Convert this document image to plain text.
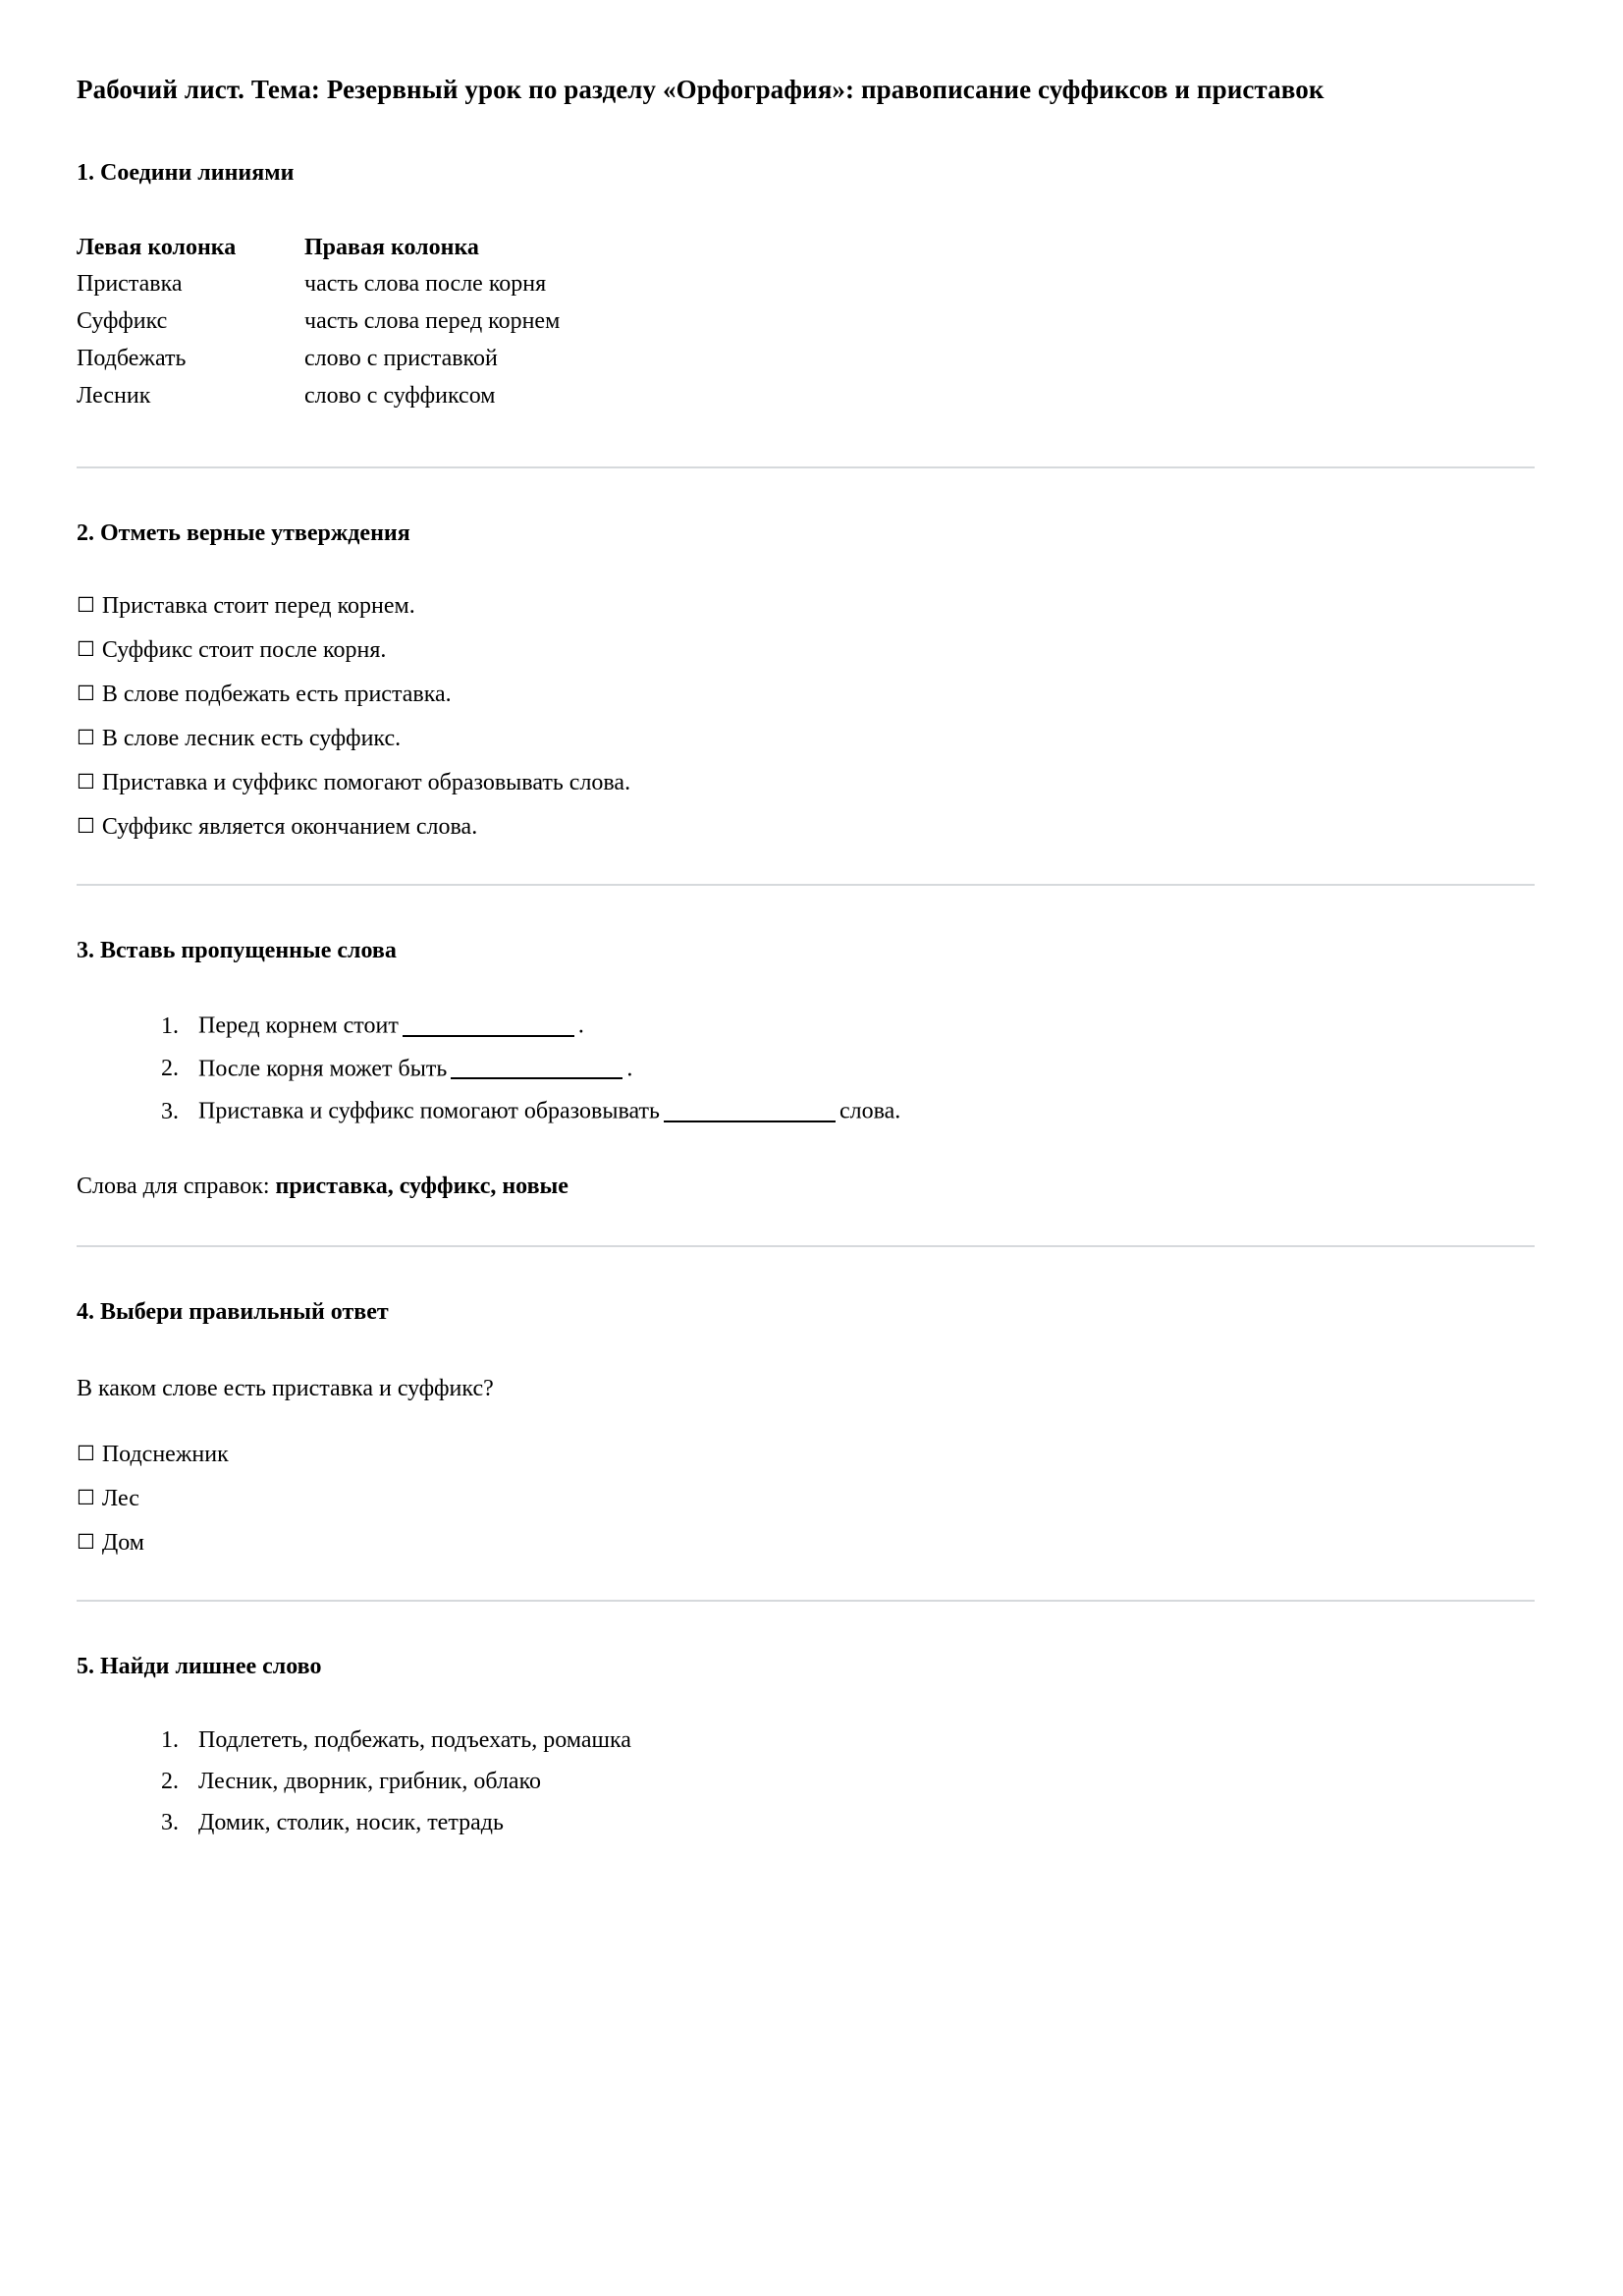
Рабочий лист. Тема: Резервный урок по разделу «Орфография»: правописание суффиксов и приставок
1. Соедини линиями
Левая колонка	Правая колонка
Приставка	часть слова после корня
Суффикс	часть слова перед корнем
Подбежать	слово с приставкой
Лесник	слово с суффиксом
2. Отметь верные утверждения
☐ Приставка стоит перед корнем.
☐ Суффикс стоит после корня.
☐ В слове подбежать есть приставка.
☐ В слове лесник есть суффикс.
☐ Приставка и суффикс помогают образовывать слова.
☐ Суффикс является окончанием слова.
3. Вставь пропущенные слова
1. Перед корнем стоит	.
2. После корня может быть	.
3. Приставка и суффикс помогают образовывать	слова.

Слова для справок: приставка, суффикс, новые

4. Выбери правильный ответ

В каком слове есть приставка и суффикс?

☐ Подснежник
☐ Лес
☐ Дом
5. Найди лишнее слово
1. Подлететь, подбежать, подъехать, ромашка
2. Лесник, дворник, грибник, облако
3. Домик, столик, носик, тетрадь
